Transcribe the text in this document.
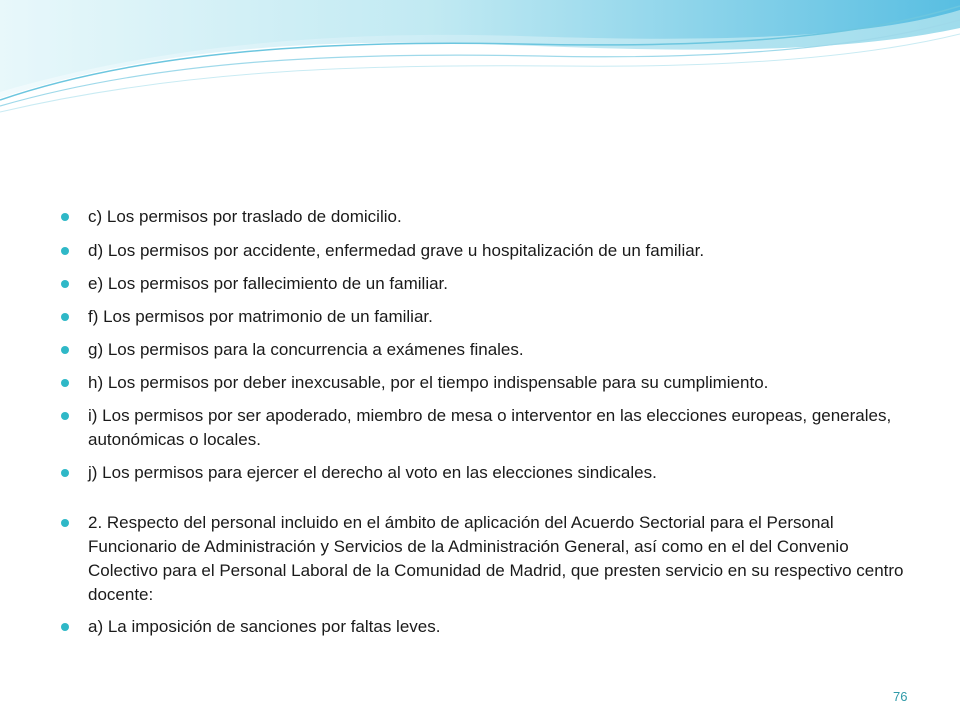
c) Los permisos por traslado de domicilio.
d) Los permisos por accidente, enfermedad grave u hospitalización de un familiar.
e) Los permisos por fallecimiento de un familiar.
f) Los permisos por matrimonio de un familiar.
g) Los permisos para la concurrencia a exámenes finales.
h) Los permisos por deber inexcusable, por el tiempo indispensable para su cumplimiento.
i) Los permisos por ser apoderado, miembro de mesa o interventor en las elecciones europeas, generales, autonómicas o locales.
j) Los permisos para ejercer el derecho al voto en las elecciones sindicales.
2. Respecto del personal incluido en el ámbito de aplicación del Acuerdo Sectorial para el Personal Funcionario de Administración y Servicios de la Administración General, así como en el del Convenio Colectivo para el Personal Laboral de la Comunidad de Madrid, que presten servicio en su respectivo centro docente:
a) La imposición de sanciones por faltas leves.
76
